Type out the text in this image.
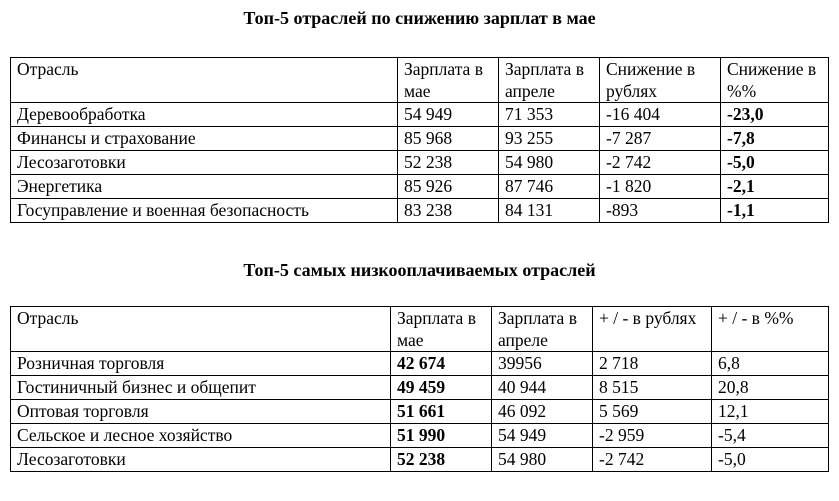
Топ-5 отраслей по снижению зарплат в мае
Отрасль	Зарплата в мае	Зарплата в апреле	Снижение в рублях	Снижение в %%
Деревообработка	54 949	71 353	-16 404	-23,0
Финансы и страхование	85 968	93 255	-7 287	-7,8
Лесозаготовки	52 238	54 980	-2 742	-5,0
Энергетика	85 926	87 746	-1 820	-2,1
Госуправление и военная безопасность	83 238	84 131	-893	-1,1
Топ-5 самых низкооплачиваемых отраслей
Отрасль	Зарплата в мае	Зарплата в апреле	+ / - в рублях	+ / - в %%
Розничная торговля	42 674	39956	2 718	6,8
Гостиничный бизнес и общепит	49 459	40 944	8 515	20,8
Оптовая торговля	51 661	46 092	5 569	12,1
Сельское и лесное хозяйство	51 990	54 949	-2 959	-5,4
Лесозаготовки	52 238	54 980	-2 742	-5,0
